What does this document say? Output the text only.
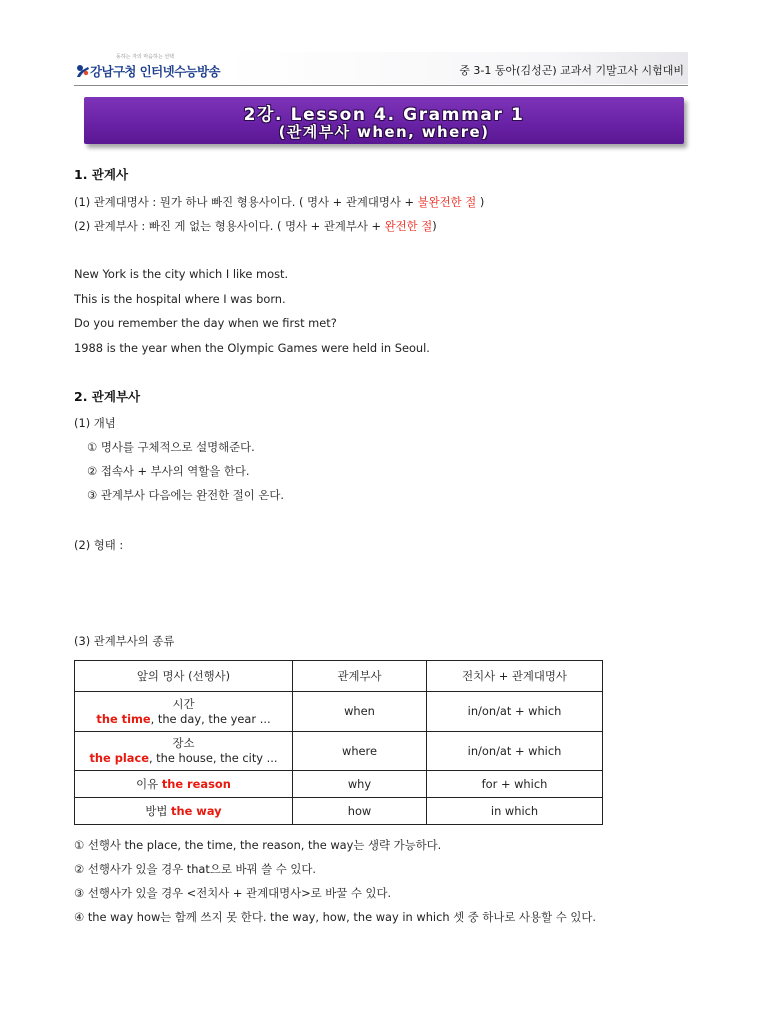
동하는 자의 마음하는 선택
강남구청 인터넷수능방송	중 3-1 동아(김성곤) 교과서 기말고사 시험대비
2강. Lesson 4. Grammar 1
(관계부사 when, where)
1. 관계사
(1) 관계대명사 : 뭔가 하나 빠진 형용사이다. ( 명사 + 관계대명사 + 불완전한 절 )
(2) 관계부사 : 빠진 게 없는 형용사이다. ( 명사 + 관계부사 + 완전한 절)
New York is the city which I like most.
This is the hospital where I was born.
Do you remember the day when we first met?
1988 is the year when the Olympic Games were held in Seoul.
2. 관계부사
(1) 개념
① 명사를 구체적으로 설명해준다.
② 접속사 + 부사의 역할을 한다.
③ 관계부사 다음에는 완전한 절이 온다.
(2) 형태 :
(3) 관계부사의 종류
앞의 명사 (선행사)	관계부사	전치사 + 관계대명사

시간
the time, the day, the year ...	when	in/on/at + which

장소
the place, the house, the city ...	where	in/on/at + which
이유 the reason	why	for + which
방법 the way	how	in which
① 선행사 the place, the time, the reason, the way는 생략 가능하다.
② 선행사가 있을 경우 that으로 바꿔 쓸 수 있다.
③ 선행사가 있을 경우 <전치사 + 관계대명사>로 바꿀 수 있다.
④ the way how는 함께 쓰지 못 한다. the way, how, the way in which 셋 중 하나로 사용할 수 있다.
